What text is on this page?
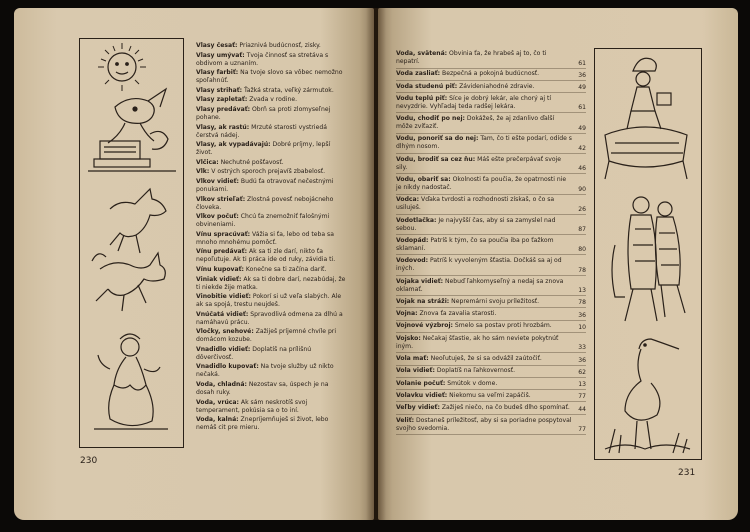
Vlasy česať: Priaznivá budúcnosť, zisky.
Vlasy umývať: Tvoja činnosť sa stretáva s obdivom a uznaním.
Vlasy farbiť: Na tvoje slovo sa vôbec nemožno spoľahnúť.
Vlasy strihať: Ťažká strata, veľký zármutok.
Vlasy zapletať: Zvada v rodine.
Vlasy predávať: Obrň sa proti zlomyseľnej pohane.
Vlasy, ak rastú: Mrzuté starosti vystriedá čerstvá nádej.
Vlasy, ak vypadávajú: Dobré príjmy, lepší život.
Vlčica: Nechutné pošťavosť.
Vlk: V ostrých sporoch prejavíš zbabelosť.
Vlkov vidieť: Budú ťa otravovať nečestnými ponukami.
Vlkov strieľať: Zlostná povesť nebojácneho človeka.
Vlkov počuť: Chcú ťa znemožniť falošnými obvineniami.
Vínu spracúvať: Vážia si ťa, lebo od teba sa mnoho mnohému pomôcť.
Vínu predávať: Ak sa ti zle darí, nikto ťa nepoľutuje. Ak ti práca ide od ruky, závidia ti.
Vínu kupovať: Konečne sa ti začína dariť.
Viniak vidieť: Ak sa ti dobre darí, nezabúdaj, že ti niekde žije matka.
Vinobitie vidieť: Pokorí si už veľa slabých. Ale ak sa spojá, trestu neujdeš.
Vnúčatá vidieť: Spravodlivá odmena za dlhú a namáhavú prácu.
Vločky, snehové: Zažiješ príjemné chvíle pri domácom kozube.
Vnadidlo vidieť: Doplatíš na prílišnú dôverčivosť.
Vnadidlo kupovať: Na tvoje služby už nikto nečaká.
Voda, chladná: Nezostav sa, úspech je na dosah ruky.
Voda, vrúca: Ak sám neskrotíš svoj temperament, pokúsia sa o to iní.
Voda, kalná: Znepríjemňuješ si život, lebo nemáš cit pre mieru.
230
Voda, svätená: Obvinia ťa, že hrabeš aj to, čo ti nepatrí.	61
Voda zasliať: Bezpečná a pokojná budúcnosť.	36
Voda studenú piť: Závideniahodné zdravie.	49
Vodu teplú piť: Síce je dobrý lekár, ale chorý aj tí nevyzdrie. Vyhľadaj teda radšej lekára.	61
Vodu, chodiť po nej: Dokážeš, že aj zdanlivo ďalší môže zvíťaziť.	49
Vodu, ponoriť sa do nej: Tam, čo ti ešte podarí, odíde s dlhým nosom.	42
Vodu, brodiť sa cez ňu: Máš ešte prečerpávať svoje sily.	46
Vodu, obariť sa: Okolnosti ťa poučia, že opatrnosti nie je nikdy nadostač.	90
Vodca: Vďaka tvrdosti a rozhodnosti získaš, o čo sa usiluješ.	26
Vodotlačka: Je najvyšší čas, aby si sa zamyslel nad sebou.	87
Vodopád: Patríš k tým, čo sa poučia iba po ťažkom sklamaní.	80
Vodovod: Patríš k vyvoleným šťastia. Dočkáš sa aj od iných.	78
Vojaka vidieť: Nebuď ľahkomyseľný a nedaj sa znova oklamať.	13
Vojak na stráži: Nepremárni svoju príležitosť.	78
Vojna: Znova ťa zavalia starosti.	36
Vojnové výzbroj: Smelo sa postav proti hrozbám.	10
Vojsko: Nečakaj šťastie, ak ho sám neviete pokytnúť iným.	33
Vola mať: Neoľutuješ, že si sa odvážil zaútočiť.	36
Vola vidieť: Doplatíš na ľahkovernosť.	62
Volanie počuť: Smútok v dome.	13
Volavku vidieť: Niekomu sa veľmi zapáčiš.	77
Veľby vidieť: Zažiješ niečo, na čo budeš dlho spomínať. 44
Veliť: Dostaneš príležitosť, aby si sa poriadne pospytoval svojho svedomia.	77
231
